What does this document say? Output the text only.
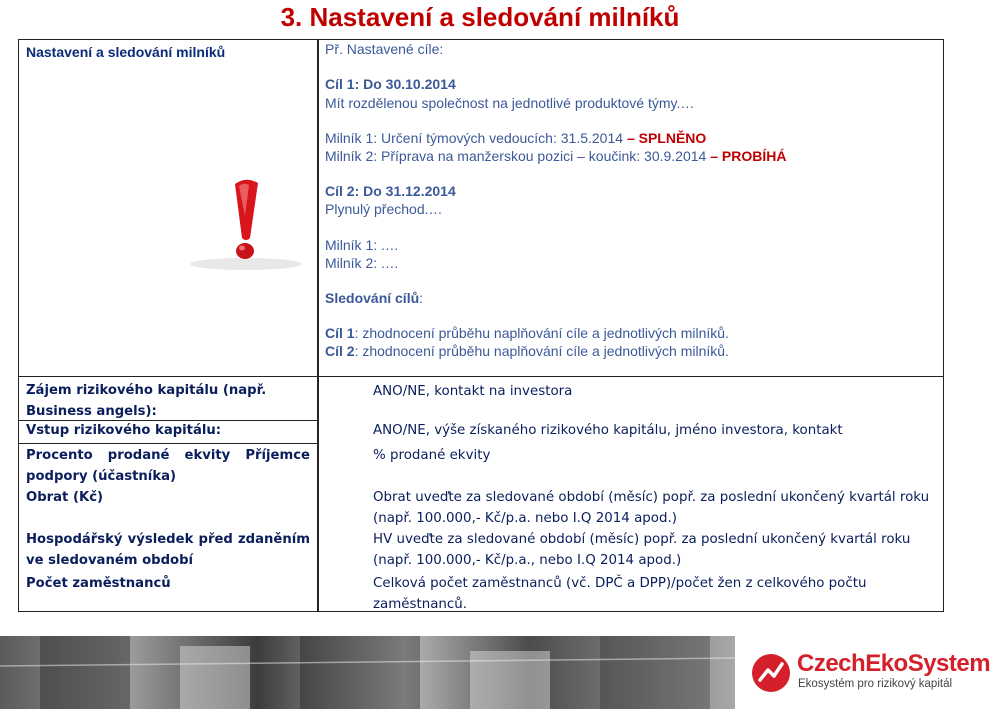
3. Nastavení a sledování milníků
Nastavení a sledování milníků	Př. Nastavené cíle:
Cíl 1: Do 30.10.2014
Mít rozdělenou společnost na jednotlivé produktové týmy.…
Milník 1: Určení týmových vedoucích: 31.5.2014 – SPLNĚNO
Milník 2: Příprava na manžerskou pozici – koučink: 30.9.2014 – PROBÍHÁ
Cíl 2: Do 31.12.2014
Plynulý přechod.…
Milník 1: .…
Milník 2: .…
Sledování cílů:
Cíl 1: zhodnocení průběhu naplňování cíle a jednotlivých milníků.
Cíl 2: zhodnocení průběhu naplňování cíle a jednotlivých milníků.
Zájem rizikového kapitálu (např. Business angels):
Vstup rizikového kapitálu:
Procento prodané ekvity Příjemce podpory (účastníka)
Obrat (Kč)
Hospodářský výsledek před zdaněním ve sledovaném období
Počet zaměstnanců
ANO/NE, kontakt na investora
ANO/NE, výše získaného rizikového kapitálu, jméno investora, kontakt
% prodané ekvity
Obrat uveďte za sledované období (měsíc) popř. za poslední ukončený kvartál roku (např. 100.000,- Kč/p.a. nebo I.Q 2014 apod.)
HV uveďte za sledované období (měsíc) popř. za poslední ukončený kvartál roku (např. 100.000,- Kč/p.a., nebo I.Q 2014 apod.)
Celková počet zaměstnanců (vč. DPČ a DPP)/počet žen z celkového počtu zaměstnanců.
CzechEkoSystem
Ekosystém pro rizikový kapitál
